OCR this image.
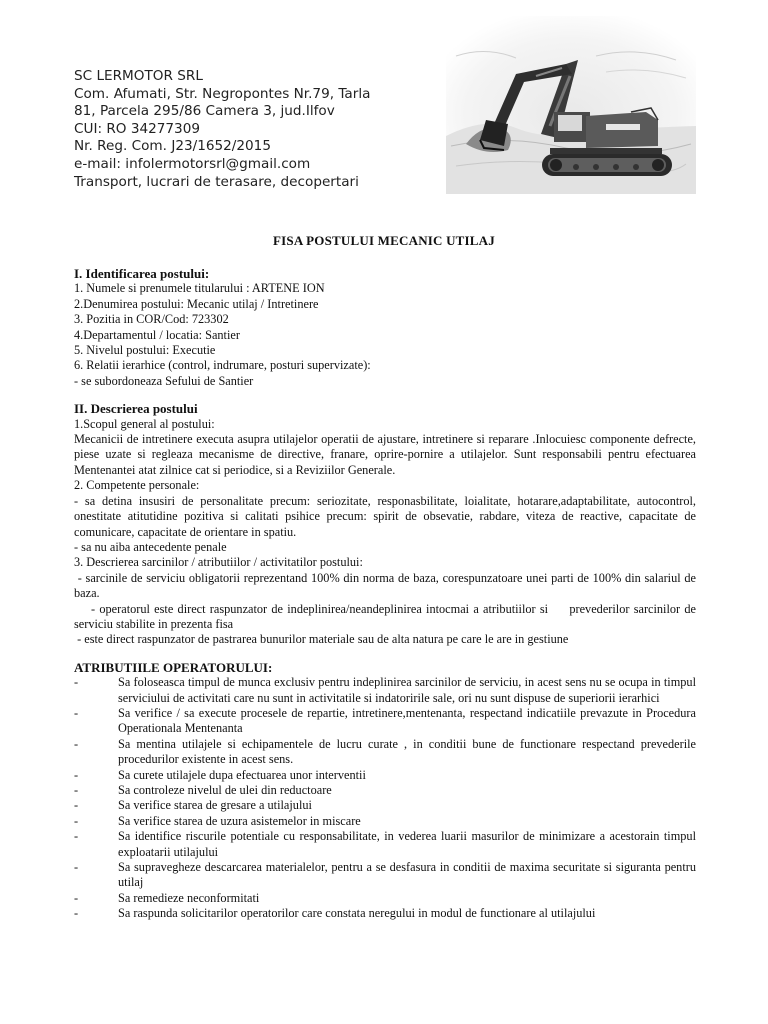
SC LERMOTOR SRL
Com. Afumati, Str. Negropontes Nr.79, Tarla
81, Parcela 295/86 Camera 3, jud.Ilfov
CUI: RO 34277309
Nr. Reg. Com. J23/1652/2015
e-mail: infolermotorsrl@gmail.com
Transport, lucrari de terasare, decopertari
FISA POSTULUI MECANIC UTILAJ
I. Identificarea postului:
1. Numele si prenumele titularului : ARTENE ION
2.Denumirea postului: Mecanic utilaj / Intretinere
3. Pozitia in COR/Cod: 723302
4.Departamentul / locatia: Santier
5. Nivelul postului: Executie
6. Relatii ierarhice (control, indrumare, posturi supervizate):
- se subordoneaza Sefului de Santier
II. Descrierea postului
1.Scopul general al postului:
Mecanicii de intretinere executa asupra utilajelor operatii de ajustare, intretinere si reparare .Inlocuiesc componente defrecte, piese uzate si regleaza mecanisme de directive, franare, oprire-pornire a utilajelor. Sunt responsabili pentru efectuarea Mentenantei atat zilnice cat si periodice, si a Reviziilor Generale.
2. Competente personale:
- sa detina insusiri de personalitate precum: seriozitate, responasbilitate, loialitate, hotarare,adaptabilitate, autocontrol, onestitate atitutidine pozitiva si calitati psihice precum: spirit de obsevatie, rabdare, viteza de reactive, capacitate de comunicare, capacitate de orientare in spatiu.
- sa nu aiba antecedente penale
3. Descrierea sarcinilor / atributiilor / activitatilor postului:
- sarcinile de serviciu obligatorii reprezentand 100% din norma de baza, corespunzatoare unei parti de 100% din salariul de baza.
- operatorul este direct raspunzator de indeplinirea/neandeplinirea intocmai a atributiilor si     prevederilor sarcinilor de serviciu stabilite in prezenta fisa
- este direct raspunzator de pastrarea bunurilor materiale sau de alta natura pe care le are in gestiune
ATRIBUTIILE OPERATORULUI:
-	Sa foloseasca timpul de munca exclusiv pentru indeplinirea sarcinilor de serviciu, in acest sens nu se ocupa in timpul serviciului de activitati care nu sunt in activitatile si indatoririle sale, ori nu sunt dispuse de superiorii ierarhici
-	Sa verifice / sa execute procesele de repartie, intretinere,mentenanta, respectand indicatiile prevazute in Procedura Operationala Mentenanta
-	Sa mentina utilajele si echipamentele de lucru curate , in conditii bune de functionare respectand prevederile procedurilor existente in acest sens.
-	Sa curete utilajele dupa efectuarea unor interventii
-	Sa controleze nivelul de ulei din reductoare
-	Sa verifice starea de gresare a utilajului
-	Sa verifice starea de uzura asistemelor in miscare
-	Sa identifice riscurile potentiale cu responsabilitate, in vederea luarii masurilor de minimizare a acestorain timpul exploatarii utilajului
-	Sa supravegheze descarcarea materialelor, pentru a se desfasura in conditii de maxima securitate si siguranta pentru utilaj
-	Sa remedieze neconformitati
-	Sa raspunda solicitarilor operatorilor care constata neregului in modul de functionare al utilajului
